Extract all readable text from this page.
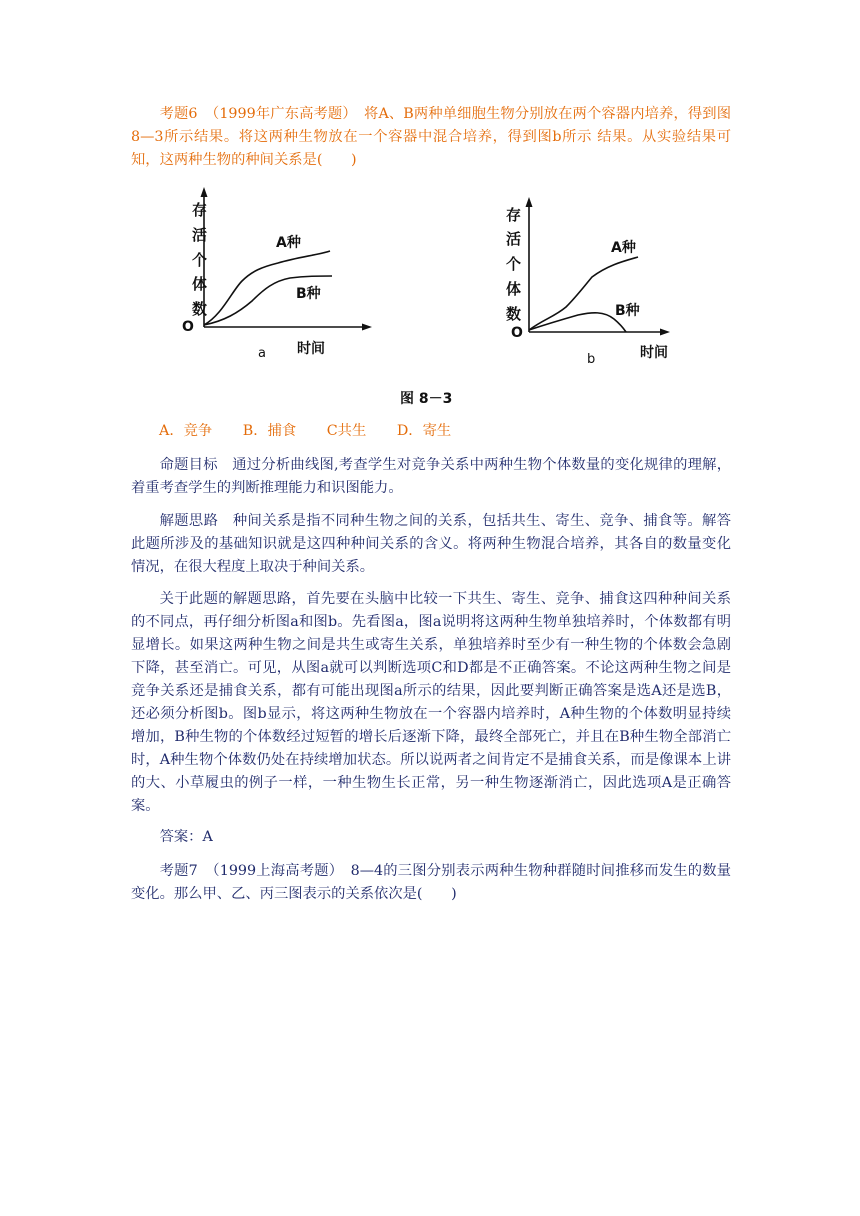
考题6　（1999年广东高考题）　将A、B两种单细胞生物分别放在两个容器内培养，得到图8—3所示结果。将这两种生物放在一个容器中混合培养，得到图b所示 结果。从实验结果可知，这两种生物的种间关系是(　　)

存
活
个
体
数
O
时间
a
A种
B种
存
活
个
体
数
O
时间
b
A种
B种
图 8－3
A．竞争 B．捕食 C共生 D．寄生

命题目标　通过分析曲线图,考查学生对竞争关系中两种生物个体数量的变化规律的理解，着重考查学生的判断推理能力和识图能力。

解题思路　种间关系是指不同种生物之间的关系，包括共生、寄生、竞争、捕食等。解答此题所涉及的基础知识就是这四种种间关系的含义。将两种生物混合培养，其各自的数量变化情况，在很大程度上取决于种间关系。

关于此题的解题思路，首先要在头脑中比较一下共生、寄生、竞争、捕食这四种种间关系的不同点，再仔细分析图a和图b。先看图a，图a说明将这两种生物单独培养时，个体数都有明显增长。如果这两种生物之间是共生或寄生关系，单独培养时至少有一种生物的个体数会急剧下降，甚至消亡。可见，从图a就可以判断选项C和D都是不正确答案。不论这两种生物之间是竞争关系还是捕食关系，都有可能出现图a所示的结果，因此要判断正确答案是选A还是选B，还必须分析图b。图b显示，将这两种生物放在一个容器内培养时，A种生物的个体数明显持续增加，B种生物的个体数经过短暂的增长后逐渐下降，最终全部死亡，并且在B种生物全部消亡时，A种生物个体数仍处在持续增加状态。所以说两者之间肯定不是捕食关系，而是像课本上讲的大、小草履虫的例子一样，一种生物生长正常，另一种生物逐渐消亡，因此选项A是正确答案。

答案：A

考题7　（1999上海高考题）　8—4的三图分别表示两种生物种群随时间推移而发生的数量变化。那么甲、乙、丙三图表示的关系依次是(　　)
